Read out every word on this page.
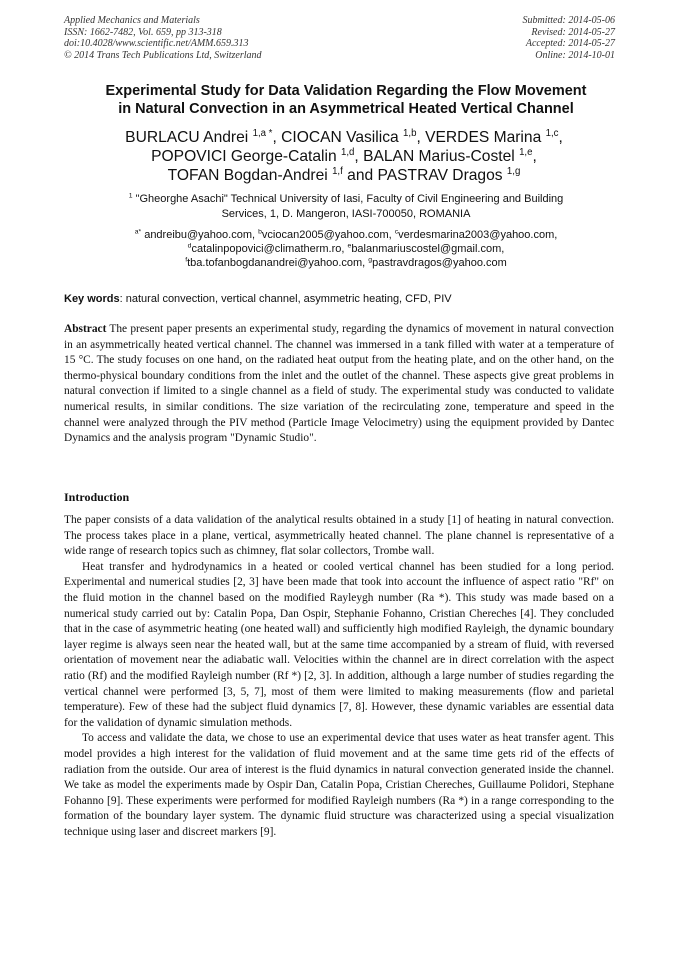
Applied Mechanics and Materials
ISSN: 1662-7482, Vol. 659, pp 313-318
doi:10.4028/www.scientific.net/AMM.659.313
© 2014 Trans Tech Publications Ltd, Switzerland
Submitted: 2014-05-06
Revised: 2014-05-27
Accepted: 2014-05-27
Online: 2014-10-01
Experimental Study for Data Validation Regarding the Flow Movement
in Natural Convection in an Asymmetrical Heated Vertical Channel
BURLACU Andrei $^{1,a *}$, CIOCAN Vasilica $^{1,b}$, VERDES Marina $^{1,c}$,
POPOVICI George-Catalin $^{1,d}$, BALAN Marius-Costel $^{1,e}$,
TOFAN Bogdan-Andrei $^{1,f}$ and PASTRAV Dragos $^{1,g}$
$^1$ "Gheorghe Asachi" Technical University of Iasi, Faculty of Civil Engineering and Building
Services, 1, D. Mangeron, IASI-700050, ROMANIA
$^{a*}$ andreibu@yahoo.com, $^b$vciocan2005@yahoo.com, $^c$verdesmarina2003@yahoo.com,
$^d$catalinpopovici@climatherm.ro, $^e$balanmariuscostel@gmail.com,
$^f$tba.tofanbogdanandrei@yahoo.com, $^g$pastravdragos@yahoo.com
Key words: natural convection, vertical channel, asymmetric heating, CFD, PIV
Abstract The present paper presents an experimental study, regarding the dynamics of movement in natural convection in an asymmetrically heated vertical channel. The channel was immersed in a tank filled with water at a temperature of 15 °C. The study focuses on one hand, on the radiated heat output from the heating plate, and on the other hand, on the thermo-physical boundary conditions from the inlet and the outlet of the channel. These aspects give great problems in natural convection if limited to a single channel as a field of study. The experimental study was conducted to validate numerical results, in similar conditions. The size variation of the recirculating zone, temperature and speed in the channel were analyzed through the PIV method (Particle Image Velocimetry) using the equipment provided by Dantec Dynamics and the analysis program "Dynamic Studio".
Introduction

The paper consists of a data validation of the analytical results obtained in a study [1] of heating in natural convection. The process takes place in a plane, vertical, asymmetrically heated channel. The plane channel is representative of a wide range of research topics such as chimney, flat solar collectors, Trombe wall.

Heat transfer and hydrodynamics in a heated or cooled vertical channel has been studied for a long period. Experimental and numerical studies [2, 3] have been made that took into account the influence of aspect ratio "Rf" on the fluid motion in the channel based on the modified Rayleygh number (Ra *). This study was made based on a numerical study carried out by: Catalin Popa, Dan Ospir, Stephanie Fohanno, Cristian Chereches [4]. They concluded that in the case of asymmetric heating (one heated wall) and sufficiently high modified Rayleigh, the dynamic boundary layer regime is always seen near the heated wall, but at the same time accompanied by a stream of fluid, with reversed orientation of movement near the adiabatic wall. Velocities within the channel are in direct correlation with the aspect ratio (Rf) and the modified Rayleigh number (Rf *) [2, 3]. In addition, although a large number of studies regarding the vertical channel were performed [3, 5, 7], most of them were limited to making measurements (flow and parietal temperature). Few of these had the subject fluid dynamics [7, 8]. However, these dynamic variables are essential data for the validation of dynamic simulation methods.

To access and validate the data, we chose to use an experimental device that uses water as heat transfer agent. This model provides a high interest for the validation of fluid movement and at the same time gets rid of the effects of radiation from the outside. Our area of interest is the fluid dynamics in natural convection generated inside the channel. We take as model the experiments made by Ospir Dan, Catalin Popa, Cristian Chereches, Guillaume Polidori, Stephane Fohanno [9]. These experiments were performed for modified Rayleigh numbers (Ra *) in a range corresponding to the formation of the boundary layer system. The dynamic fluid structure was characterized using a special visualization technique using laser and discreet markers [9].
